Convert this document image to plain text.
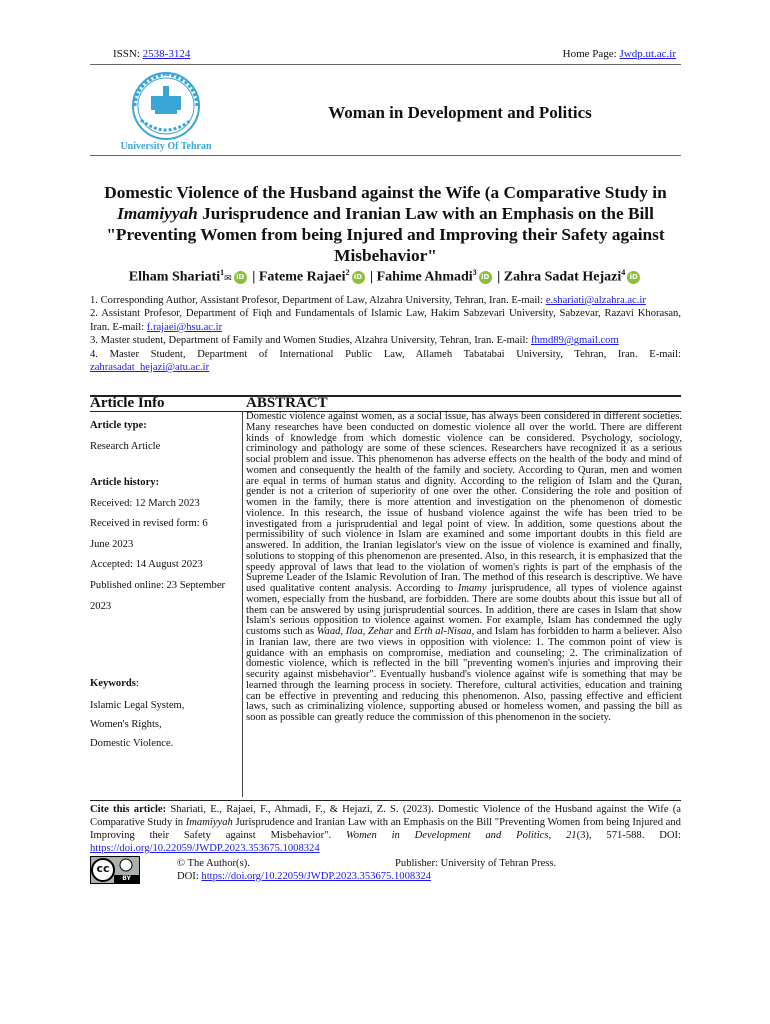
ISSN: 2538-3124	Home Page: Jwdp.ut.ac.ir
University Of Tehran
Woman in Development and Politics
Domestic Violence of the Husband against the Wife (a Comparative Study in Imamiyyah Jurisprudence and Iranian Law with an Emphasis on the Bill "Preventing Women from being Injured and Improving their Safety against Misbehavior"
Elham Shariati$^1$✉ iD | Fateme Rajaei$^2$ iD | Fahime Ahmadi$^3$ iD | Zahra Sadat Hejazi$^4$ iD

1. Corresponding Author, Assistant Profesor, Department of Law, Alzahra University, Tehran, Iran. E-mail: e.shariati@alzahra.ac.ir

2. Assistant Profesor, Department of Fiqh and Fundamentals of Islamic Law, Hakim Sabzevari University, Sabzevar, Razavi Khorasan, Iran. E-mail: f.rajaei@hsu.ac.ir

3. Master student, Department of Family and Women Studies, Alzahra University, Tehran, Iran. E-mail: fhmd89@gmail.com

4. Master Student, Department of International Public Law, Allameh Tabatabai University, Tehran, Iran. E-mail: zahrasadat_hejazi@atu.ac.ir

Article Info	ABSTRACT
Article type:
Research Article
Article history:
Received: 12 March 2023
Received in revised form: 6
June 2023
Accepted: 14 August 2023
Published online: 23 September
2023
Keywords:
Islamic Legal System,
Women's Rights,
Domestic Violence.
Domestic violence against women, as a social issue, has always been considered in different societies. Many researches have been conducted on domestic violence all over the world. There are different kinds of knowledge from which domestic violence can be considered. Psychology, sociology, criminology and pathology are some of these sciences. Researchers have recognized it as a serious social problem and issue. This phenomenon has adverse effects on the health of the body and mind of women and consequently the health of the family and society. According to Quran, men and women are equal in terms of human status and dignity. According to the religion of Islam and the Quran, gender is not a criterion of superiority of one over the other. Considering the role and position of women in the family, there is more attention and investigation on the phenomenon of domestic violence. In this research, the issue of husband violence against the wife has been tried to be investigated from a jurisprudential and legal point of view. In addition, some questions about the permissibility of such violence in Islam are examined and some important doubts in this field are answered. In addition, the Iranian legislator's view on the issue of violence is examined and finally, solutions to stopping of this phenomenon are presented. Also, in this research, it is emphasized that the speedy approval of laws that lead to the violation of women's rights is part of the emphasis of the Supreme Leader of the Islamic Revolution of Iran. The method of this research is descriptive. We have used qualitative content analysis. According to Imamy jurisprudence, all types of violence against women, especially from the husband, are forbidden. There are some doubts about this issue but all of them can be answered by using jurisprudential sources. In addition, there are cases in Islam that show Islam's serious opposition to violence against women. For example, Islam has condemned the ugly customs such as Waad, Ilaa, Zehar and Erth al-Nisaa, and Islam has forbidden to harm a believer. Also in Iranian law, there are two views in opposition with violence: 1. The common point of view is guidance with an emphasis on compromise, mediation and counseling; 2. The criminalization of domestic violence, which is reflected in the bill "preventing women's injuries and improving their security against misbehavior". Eventually husband's violence against wife is something that may be learned through the learning process in society. Therefore, cultural activities, education and training can be effective in preventing and reducing this phenomenon. Also, passing effective and efficient laws, such as criminalizing violence, supporting abused or homeless women, and passing the bill as soon as possible can greatly reduce the commission of this phenomenon in the society.
Cite this article: Shariati, E., Rajaei, F., Ahmadi, F., & Hejazi, Z. S. (2023). Domestic Violence of the Husband against the Wife (a Comparative Study in Imamiyyah Jurisprudence and Iranian Law with an Emphasis on the Bill "Preventing Women from being Injured and Improving their Safety against Misbehavior". Women in Development and Politics, 21(3), 571-588. DOI: https://doi.org/10.22059/JWDP.2023.353675.1008324
cc
BY
© The Author(s).	Publisher: University of Tehran Press.
DOI: https://doi.org/10.22059/JWDP.2023.353675.1008324
